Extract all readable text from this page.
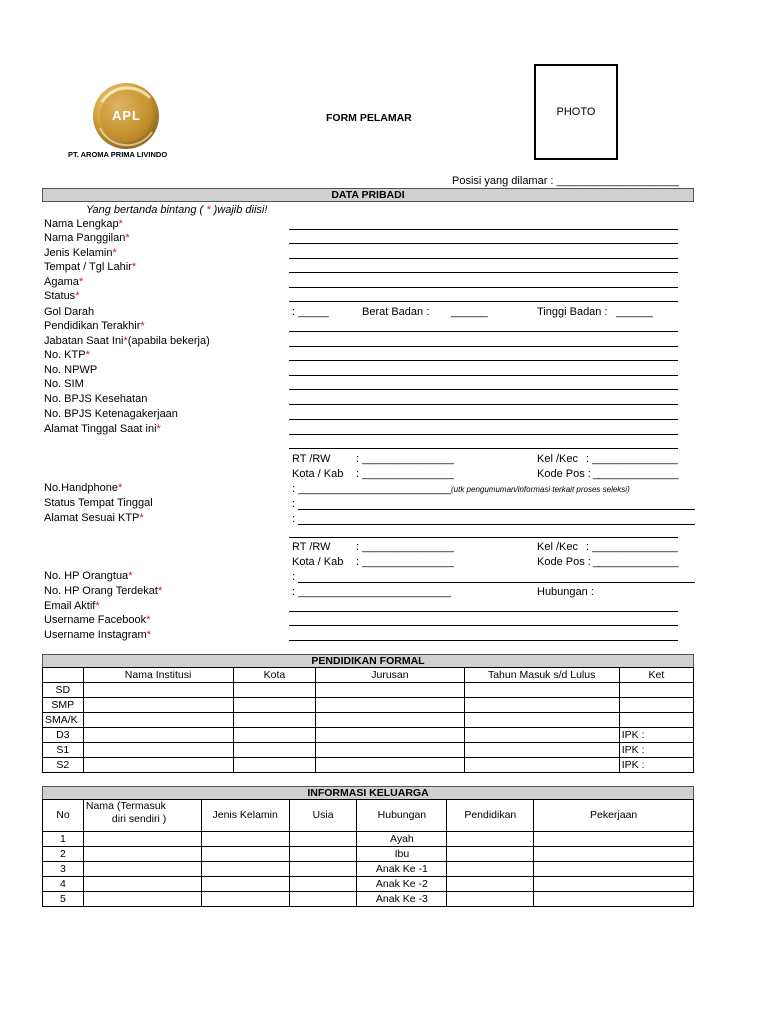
APL
PT. AROMA PRIMA LIVINDO
FORM PELAMAR	PHOTO
Posisi yang dilamar : ____________________
DATA PRIBADI
Yang bertanda bintang ( * )wajib diisi!
Nama Lengkap*
Nama Panggilan*
Jenis Kelamin*
Tempat / Tgl Lahir*
Agama*
Status*
Gol Darah
Pendidikan Terakhir*
Jabatan Saat Ini*(apabila bekerja)
No. KTP*
No. NPWP
No. SIM
No. BPJS Kesehatan
No. BPJS Ketenagakerjaan
Alamat Tinggal Saat ini*
: _____	Berat Badan : ______	Tinggi Badan : ______
RT /RW : _______________	Kel /Kec : ______________
Kota / Kab : _______________	Kode Pos : ______________
No.Handphone*	: _________________________ (utk pengumuman/informasi terkait proses seleksi)
Status Tempat Tinggal	:
Alamat Sesuai KTP*	:
RT /RW : _______________	Kel /Kec : ______________
Kota / Kab : _______________	Kode Pos : ______________
No. HP Orangtua*	:
No. HP Orang Terdekat*	: _________________________	Hubungan :
Email Aktif*
Username Facebook*
Username Instagram*
PENDIDIKAN FORMAL
	Nama Institusi	Kota	Jurusan	Tahun Masuk s/d Lulus	Ket
SD					
SMP					
SMA/K					
D3					IPK :
S1					IPK :
S2					IPK :
INFORMASI KELUARGA
No	Nama (Termasuk
diri sendiri )	Jenis Kelamin	Usia	Hubungan	Pendidikan	Pekerjaan
1				Ayah		
2				Ibu		
3				Anak Ke -1		
4				Anak Ke -2		
5				Anak Ke -3		
